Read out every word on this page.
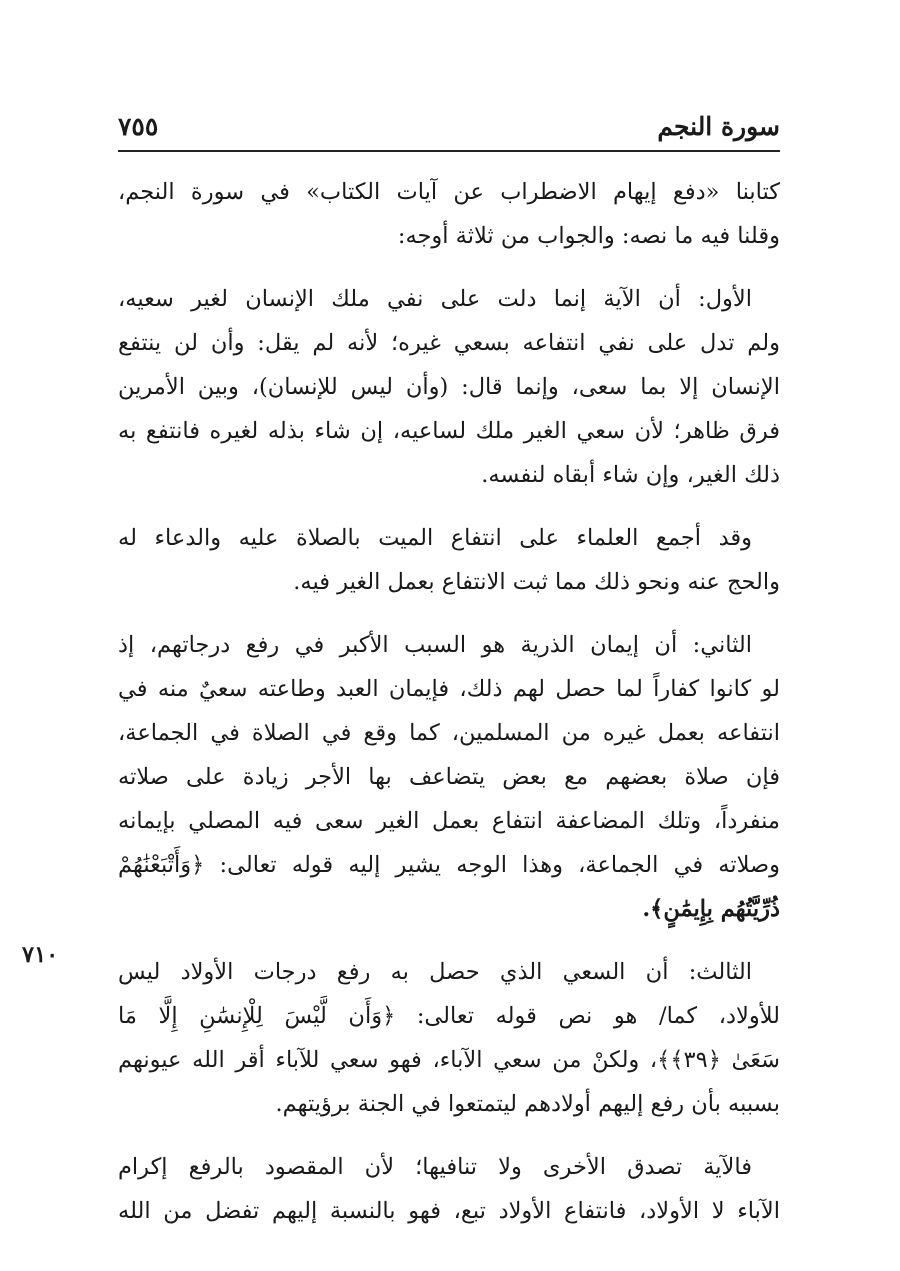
سورة النجم
٧٥٥
كتابنا «دفع إيهام الاضطراب عن آيات الكتاب» في سورة النجم،
وقلنا فيه ما نصه: والجواب من ثلاثة أوجه:
الأول: أن الآية إنما دلت على نفي ملك الإنسان لغير سعيه،
ولم تدل على نفي انتفاعه بسعي غيره؛ لأنه لم يقل: وأن لن ينتفع
الإنسان إلا بما سعى، وإنما قال: (وأن ليس للإنسان)، وبين الأمرين
فرق ظاهر؛ لأن سعي الغير ملك لساعيه، إن شاء بذله لغيره فانتفع به
ذلك الغير، وإن شاء أبقاه لنفسه.
وقد أجمع العلماء على انتفاع الميت بالصلاة عليه والدعاء له
والحج عنه ونحو ذلك مما ثبت الانتفاع بعمل الغير فيه.
الثاني: أن إيمان الذرية هو السبب الأكبر في رفع درجاتهم، إذ
لو كانوا كفاراً لما حصل لهم ذلك، فإيمان العبد وطاعته سعيٌ منه في
انتفاعه بعمل غيره من المسلمين، كما وقع في الصلاة في الجماعة،
فإن صلاة بعضهم مع بعض يتضاعف بها الأجر زيادة على صلاته
منفرداً، وتلك المضاعفة انتفاع بعمل الغير سعى فيه المصلي بإيمانه
وصلاته في الجماعة، وهذا الوجه يشير إليه قوله تعالى: ﴿وَأَتْبَعْنَٰهُمْ
ذُرِّيَّتُهُم بِإِيمَٰنٍ﴾.
الثالث: أن السعي الذي حصل به رفع درجات الأولاد ليس
للأولاد، كما/ هو نص قوله تعالى: ﴿وَأَن لَّيْسَ لِلْإِنسَٰنِ إِلَّا مَا
سَعَىٰ ﴿٣٩﴾﴾، ولكنْ من سعي الآباء، فهو سعي للآباء أقر الله عيونهم
بسببه بأن رفع إليهم أولادهم ليتمتعوا في الجنة برؤيتهم.
فالآية تصدق الأخرى ولا تنافيها؛ لأن المقصود بالرفع إكرام
الآباء لا الأولاد، فانتفاع الأولاد تبع، فهو بالنسبة إليهم تفضل من الله
٧١٠
